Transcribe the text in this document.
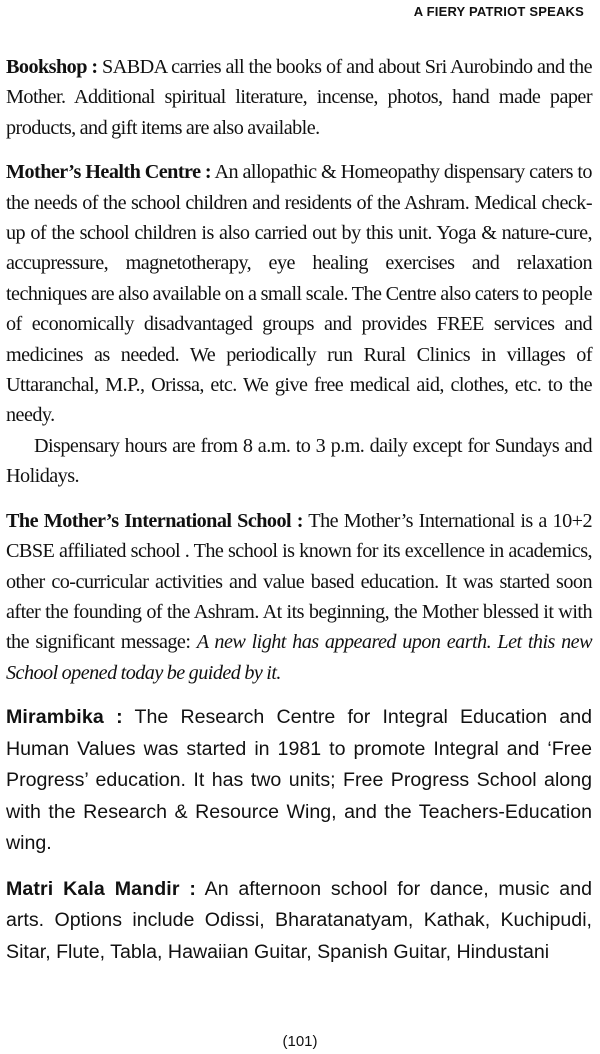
A FIERY PATRIOT SPEAKS

Bookshop : SABDA carries all the books of and about Sri Aurobindo and the Mother. Additional spiritual literature, incense, photos, hand made paper products, and gift items are also available.

Mother’s Health Centre : An allopathic & Homeopathy dispensary caters to the needs of the school children and residents of the Ashram. Medical check-up of the school children is also carried out by this unit. Yoga & nature-cure, accupressure, magnetotherapy, eye healing exercises and relaxation techniques are also available on a small scale. The Centre also caters to people of economically disadvantaged groups and provides FREE services and medicines as needed. We periodically run Rural Clinics in villages of Uttaranchal, M.P., Orissa, etc. We give free medical aid, clothes, etc. to the needy.
Dispensary hours are from 8 a.m. to 3 p.m. daily except for Sundays and Holidays.

The Mother’s International School : The Mother’s International is a 10+2 CBSE affiliated school . The school is known for its excellence in academics, other co-curricular activities and value based education. It was started soon after the founding of the Ashram. At its beginning, the Mother blessed it with the significant message: A new light has appeared upon earth. Let this new School opened today be guided by it.

Mirambika : The Research Centre for Integral Education and Human Values was started in 1981 to promote Integral and ‘Free Progress’ education. It has two units; Free Progress School along with the Research & Resource Wing, and the Teachers-Education wing.

Matri Kala Mandir : An afternoon school for dance, music and arts. Options include Odissi, Bharatanatyam, Kathak, Kuchipudi, Sitar, Flute, Tabla, Hawaiian Guitar, Spanish Guitar, Hindustani

(101)
